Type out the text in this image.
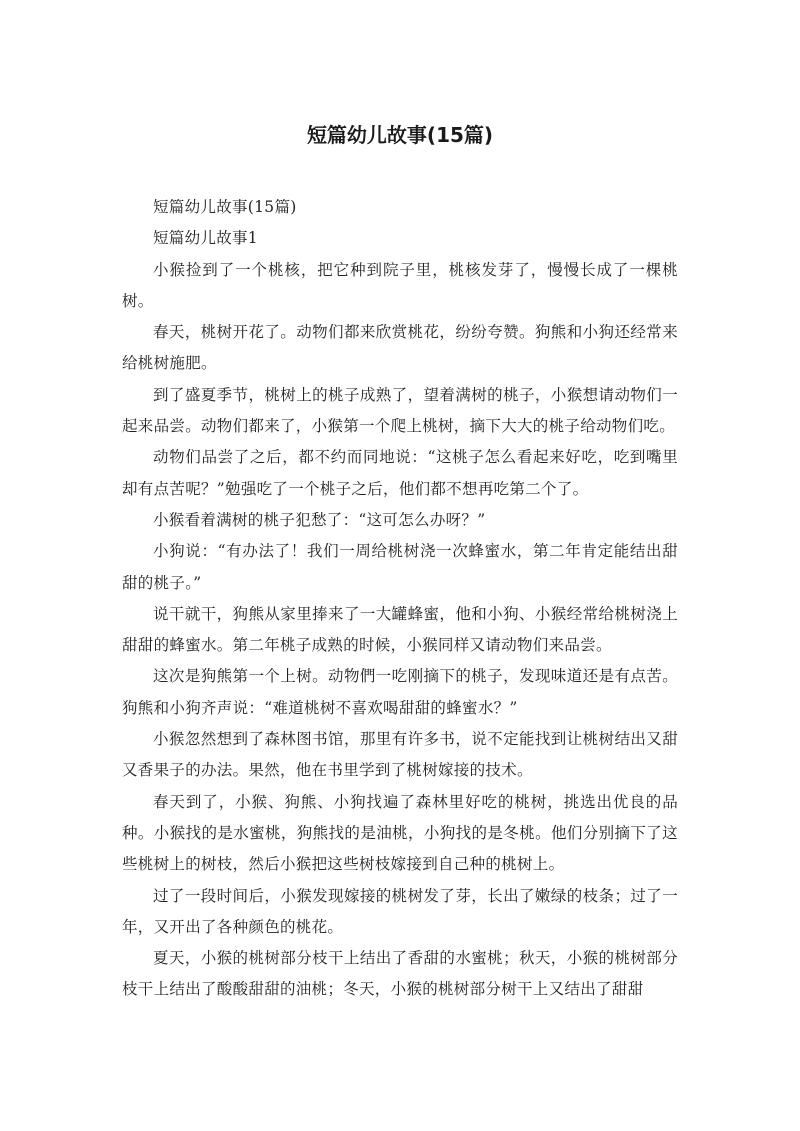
短篇幼儿故事(15篇)

短篇幼儿故事(15篇)

短篇幼儿故事1

小猴捡到了一个桃核，把它种到院子里，桃核发芽了，慢慢长成了一棵桃树。

春天，桃树开花了。动物们都来欣赏桃花，纷纷夸赞。狗熊和小狗还经常来给桃树施肥。

到了盛夏季节，桃树上的桃子成熟了，望着满树的桃子，小猴想请动物们一起来品尝。动物们都来了，小猴第一个爬上桃树，摘下大大的桃子给动物们吃。

动物们品尝了之后，都不约而同地说：“这桃子怎么看起来好吃，吃到嘴里却有点苦呢？”勉强吃了一个桃子之后，他们都不想再吃第二个了。

小猴看着满树的桃子犯愁了：“这可怎么办呀？”

小狗说：“有办法了！我们一周给桃树浇一次蜂蜜水，第二年肯定能结出甜甜的桃子。”

说干就干，狗熊从家里捧来了一大罐蜂蜜，他和小狗、小猴经常给桃树浇上甜甜的蜂蜜水。第二年桃子成熟的时候，小猴同样又请动物们来品尝。

这次是狗熊第一个上树。动物們一吃刚摘下的桃子，发现味道还是有点苦。狗熊和小狗齐声说：“难道桃树不喜欢喝甜甜的蜂蜜水？”

小猴忽然想到了森林图书馆，那里有许多书，说不定能找到让桃树结出又甜又香果子的办法。果然，他在书里学到了桃树嫁接的技术。

春天到了，小猴、狗熊、小狗找遍了森林里好吃的桃树，挑选出优良的品种。小猴找的是水蜜桃，狗熊找的是油桃，小狗找的是冬桃。他们分别摘下了这些桃树上的树枝，然后小猴把这些树枝嫁接到自己种的桃树上。

过了一段时间后，小猴发现嫁接的桃树发了芽，长出了嫩绿的枝条；过了一年，又开出了各种颜色的桃花。

夏天，小猴的桃树部分枝干上结出了香甜的水蜜桃；秋天，小猴的桃树部分枝干上结出了酸酸甜甜的油桃；冬天，小猴的桃树部分树干上又结出了甜甜
